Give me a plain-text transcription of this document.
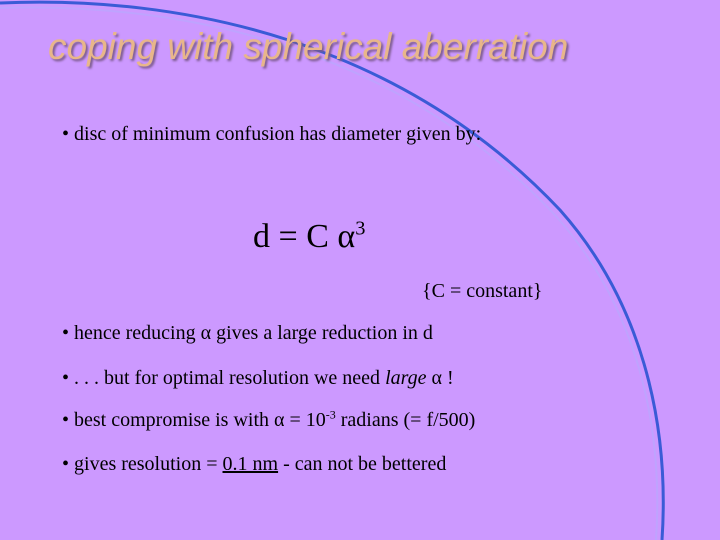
coping with spherical aberration
• disc of minimum confusion has diameter given by:
d = C $\alpha^3$
{C = constant}
• hence reducing α gives a large reduction in d
• . . . but for optimal resolution we need large α !
• best compromise is with $\alpha = 10^{-3}$ radians (= f/500)
• gives resolution = 0.1 nm - can not be bettered
